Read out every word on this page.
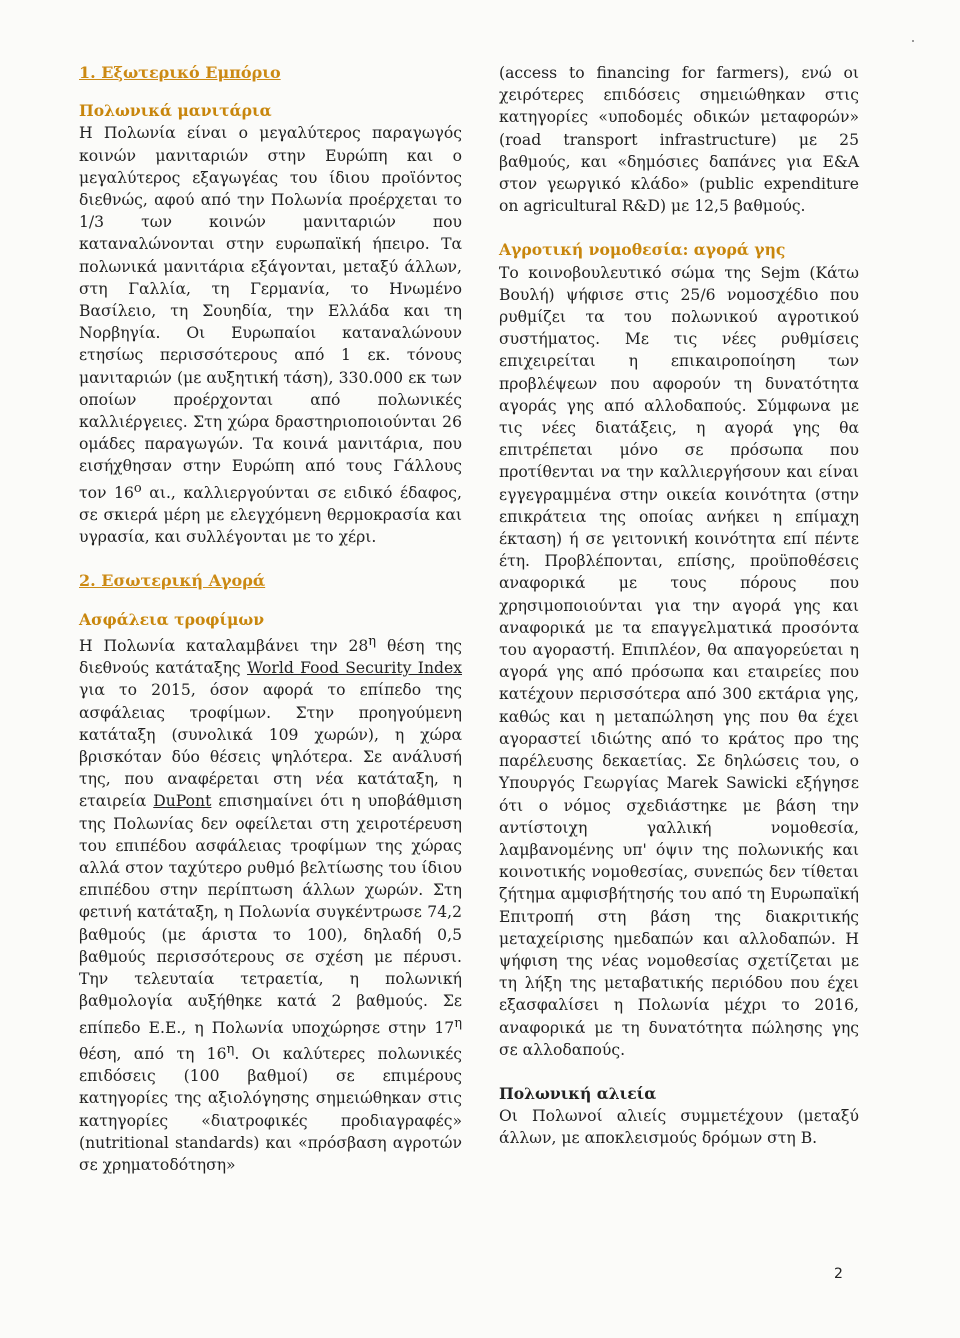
1. Εξωτερικό Εμπόριο

Πολωνικά μανιτάρια

Η Πολωνία είναι ο μεγαλύτερος παραγωγός κοινών μανιταριών στην Ευρώπη και ο μεγαλύτερος εξαγωγέας του ίδιου προϊόντος διεθνώς, αφού από την Πολωνία προέρχεται το 1/3 των κοινών μανιταριών που καταναλώνονται στην ευρωπαϊκή ήπειρο. Τα πολωνικά μανιτάρια εξάγονται, μεταξύ άλλων, στη Γαλλία, τη Γερμανία, το Ηνωμένο Βασίλειο, τη Σουηδία, την Ελλάδα και τη Νορβηγία. Οι Ευρωπαίοι καταναλώνουν ετησίως περισσότερους από 1 εκ. τόνους μανιταριών (με αυξητική τάση), 330.000 εκ των οποίων προέρχονται από πολωνικές καλλιέργειες. Στη χώρα δραστηριοποιούνται 26 ομάδες παραγωγών. Τα κοινά μανιτάρια, που εισήχθησαν στην Ευρώπη από τους Γάλλους τον $16^o$ αι., καλλιεργούνται σε ειδικό έδαφος, σε σκιερά μέρη με ελεγχόμενη θερμοκρασία και υγρασία, και συλλέγονται με το χέρι.

2. Εσωτερική Αγορά

Ασφάλεια τροφίμων

Η Πολωνία καταλαμβάνει την $28^\eta$ θέση της διεθνούς κατάταξης World Food Security Index για το 2015, όσον αφορά το επίπεδο της ασφάλειας τροφίμων. Στην προηγούμενη κατάταξη (συνολικά 109 χωρών), η χώρα βρισκόταν δύο θέσεις ψηλότερα. Σε ανάλυσή της, που αναφέρεται στη νέα κατάταξη, η εταιρεία DuPont επισημαίνει ότι η υποβάθμιση της Πολωνίας δεν οφείλεται στη χειροτέρευση του επιπέδου ασφάλειας τροφίμων της χώρας αλλά στον ταχύτερο ρυθμό βελτίωσης του ίδιου επιπέδου στην περίπτωση άλλων χωρών. Στη φετινή κατάταξη, η Πολωνία συγκέντρωσε 74,2 βαθμούς (με άριστα το 100), δηλαδή 0,5 βαθμούς περισσότερους σε σχέση με πέρυσι. Την τελευταία τετραετία, η πολωνική βαθμολογία αυξήθηκε κατά 2 βαθμούς. Σε επίπεδο Ε.Ε., η Πολωνία υποχώρησε στην $17^\eta$ θέση, από τη $16^\eta$. Οι καλύτερες πολωνικές επιδόσεις (100 βαθμοί) σε επιμέρους κατηγορίες της αξιολόγησης σημειώθηκαν στις κατηγορίες «διατροφικές προδιαγραφές» (nutritional standards) και «πρόσβαση αγροτών σε χρηματοδότηση»

(access to financing for farmers), ενώ οι χειρότερες επιδόσεις σημειώθηκαν στις κατηγορίες «υποδομές οδικών μεταφορών» (road transport infrastructure) με 25 βαθμούς, και «δημόσιες δαπάνες για Ε&Α στον γεωργικό κλάδο» (public expenditure on agricultural R&D) με 12,5 βαθμούς.

Αγροτική νομοθεσία: αγορά γης

Το κοινοβουλευτικό σώμα της Sejm (Κάτω Βουλή) ψήφισε στις 25/6 νομοσχέδιο που ρυθμίζει τα του πολωνικού αγροτικού συστήματος. Με τις νέες ρυθμίσεις επιχειρείται η επικαιροποίηση των προβλέψεων που αφορούν τη δυνατότητα αγοράς γης από αλλοδαπούς. Σύμφωνα με τις νέες διατάξεις, η αγορά γης θα επιτρέπεται μόνο σε πρόσωπα που προτίθενται να την καλλιεργήσουν και είναι εγγεγραμμένα στην οικεία κοινότητα (στην επικράτεια της οποίας ανήκει η επίμαχη έκταση) ή σε γειτονική κοινότητα επί πέντε έτη. Προβλέπονται, επίσης, προϋποθέσεις αναφορικά με τους πόρους που χρησιμοποιούνται για την αγορά γης και αναφορικά με τα επαγγελματικά προσόντα του αγοραστή. Επιπλέον, θα απαγορεύεται η αγορά γης από πρόσωπα και εταιρείες που κατέχουν περισσότερα από 300 εκτάρια γης, καθώς και η μεταπώληση γης που θα έχει αγοραστεί ιδιώτης από το κράτος προ της παρέλευσης δεκαετίας. Σε δηλώσεις του, ο Υπουργός Γεωργίας Marek Sawicki εξήγησε ότι ο νόμος σχεδιάστηκε με βάση την αντίστοιχη γαλλική νομοθεσία, λαμβανομένης υπ' όψιν της πολωνικής και κοινοτικής νομοθεσίας, συνεπώς δεν τίθεται ζήτημα αμφισβήτησής του από τη Ευρωπαϊκή Επιτροπή στη βάση της διακριτικής μεταχείρισης ημεδαπών και αλλοδαπών. Η ψήφιση της νέας νομοθεσίας σχετίζεται με τη λήξη της μεταβατικής περιόδου που έχει εξασφαλίσει η Πολωνία μέχρι το 2016, αναφορικά με τη δυνατότητα πώλησης γης σε αλλοδαπούς.

Πολωνική αλιεία

Οι Πολωνοί αλιείς συμμετέχουν (μεταξύ άλλων, με αποκλεισμούς δρόμων στη Β.

2
